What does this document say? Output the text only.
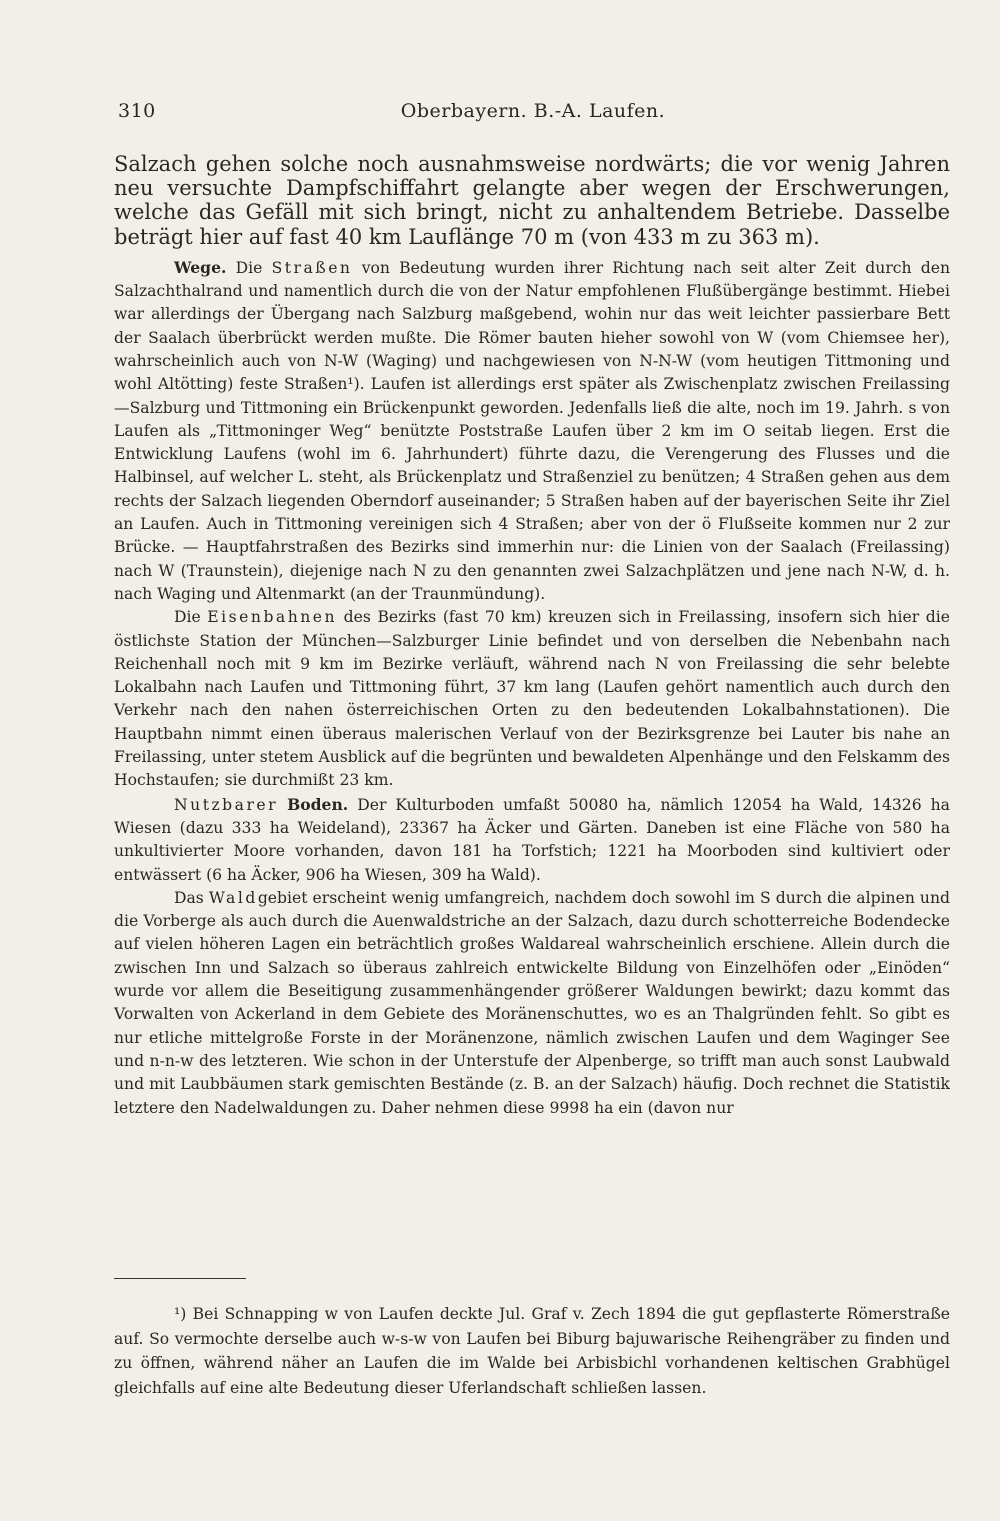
310	Oberbayern. B.-A. Laufen.

Salzach gehen solche noch ausnahmsweise nordwärts; die vor wenig Jahren neu versuchte Dampfschiffahrt gelangte aber wegen der Erschwerungen, welche das Gefäll mit sich bringt, nicht zu anhaltendem Betriebe. Dasselbe beträgt hier auf fast 40 km Lauflänge 70 m (von 433 m zu 363 m).

Wege. Die Straßen von Bedeutung wurden ihrer Richtung nach seit alter Zeit durch den Salzachthalrand und namentlich durch die von der Natur empfohlenen Flußübergänge bestimmt. Hiebei war allerdings der Übergang nach Salzburg maßgebend, wohin nur das weit leichter passierbare Bett der Saalach überbrückt werden mußte. Die Römer bauten hieher sowohl von W (vom Chiemsee her), wahrscheinlich auch von N-W (Waging) und nachgewiesen von N-N-W (vom heutigen Tittmoning und wohl Altötting) feste Straßen¹). Laufen ist allerdings erst später als Zwischenplatz zwischen Freilassing—Salzburg und Tittmoning ein Brückenpunkt geworden. Jedenfalls ließ die alte, noch im 19. Jahrh. s von Laufen als „Tittmoninger Weg“ benützte Poststraße Laufen über 2 km im O seitab liegen. Erst die Entwicklung Laufens (wohl im 6. Jahrhundert) führte dazu, die Verengerung des Flusses und die Halbinsel, auf welcher L. steht, als Brückenplatz und Straßenziel zu benützen; 4 Straßen gehen aus dem rechts der Salzach liegenden Oberndorf auseinander; 5 Straßen haben auf der bayerischen Seite ihr Ziel an Laufen. Auch in Tittmoning vereinigen sich 4 Straßen; aber von der ö Flußseite kommen nur 2 zur Brücke. — Hauptfahrstraßen des Bezirks sind immerhin nur: die Linien von der Saalach (Freilassing) nach W (Traunstein), diejenige nach N zu den genannten zwei Salzachplätzen und jene nach N-W, d. h. nach Waging und Altenmarkt (an der Traunmündung).

Die Eisenbahnen des Bezirks (fast 70 km) kreuzen sich in Freilassing, insofern sich hier die östlichste Station der München—Salzburger Linie befindet und von derselben die Nebenbahn nach Reichenhall noch mit 9 km im Bezirke verläuft, während nach N von Freilassing die sehr belebte Lokalbahn nach Laufen und Tittmoning führt, 37 km lang (Laufen gehört namentlich auch durch den Verkehr nach den nahen österreichischen Orten zu den bedeutenden Lokalbahnstationen). Die Hauptbahn nimmt einen überaus malerischen Verlauf von der Bezirksgrenze bei Lauter bis nahe an Freilassing, unter stetem Ausblick auf die begrünten und bewaldeten Alpenhänge und den Felskamm des Hochstaufen; sie durchmißt 23 km.

Nutzbarer Boden. Der Kulturboden umfaßt 50080 ha, nämlich 12054 ha Wald, 14326 ha Wiesen (dazu 333 ha Weideland), 23367 ha Äcker und Gärten. Daneben ist eine Fläche von 580 ha unkultivierter Moore vorhanden, davon 181 ha Torfstich; 1221 ha Moorboden sind kultiviert oder entwässert (6 ha Äcker, 906 ha Wiesen, 309 ha Wald).

Das Waldgebiet erscheint wenig umfangreich, nachdem doch sowohl im S durch die alpinen und die Vorberge als auch durch die Auenwaldstriche an der Salzach, dazu durch schotterreiche Bodendecke auf vielen höheren Lagen ein beträchtlich großes Waldareal wahrscheinlich erschiene. Allein durch die zwischen Inn und Salzach so überaus zahlreich entwickelte Bildung von Einzelhöfen oder „Einöden“ wurde vor allem die Beseitigung zusammenhängender größerer Waldungen bewirkt; dazu kommt das Vorwalten von Ackerland in dem Gebiete des Moränenschuttes, wo es an Thalgründen fehlt. So gibt es nur etliche mittelgroße Forste in der Moränenzone, nämlich zwischen Laufen und dem Waginger See und n-n-w des letzteren. Wie schon in der Unterstufe der Alpenberge, so trifft man auch sonst Laubwald und mit Laubbäumen stark gemischten Bestände (z. B. an der Salzach) häufig. Doch rechnet die Statistik letztere den Nadelwaldungen zu. Daher nehmen diese 9998 ha ein (davon nur

¹) Bei Schnapping w von Laufen deckte Jul. Graf v. Zech 1894 die gut gepflasterte Römerstraße auf. So vermochte derselbe auch w-s-w von Laufen bei Biburg bajuwarische Reihengräber zu finden und zu öffnen, während näher an Laufen die im Walde bei Arbisbichl vorhandenen keltischen Grabhügel gleichfalls auf eine alte Bedeutung dieser Uferlandschaft schließen lassen.
